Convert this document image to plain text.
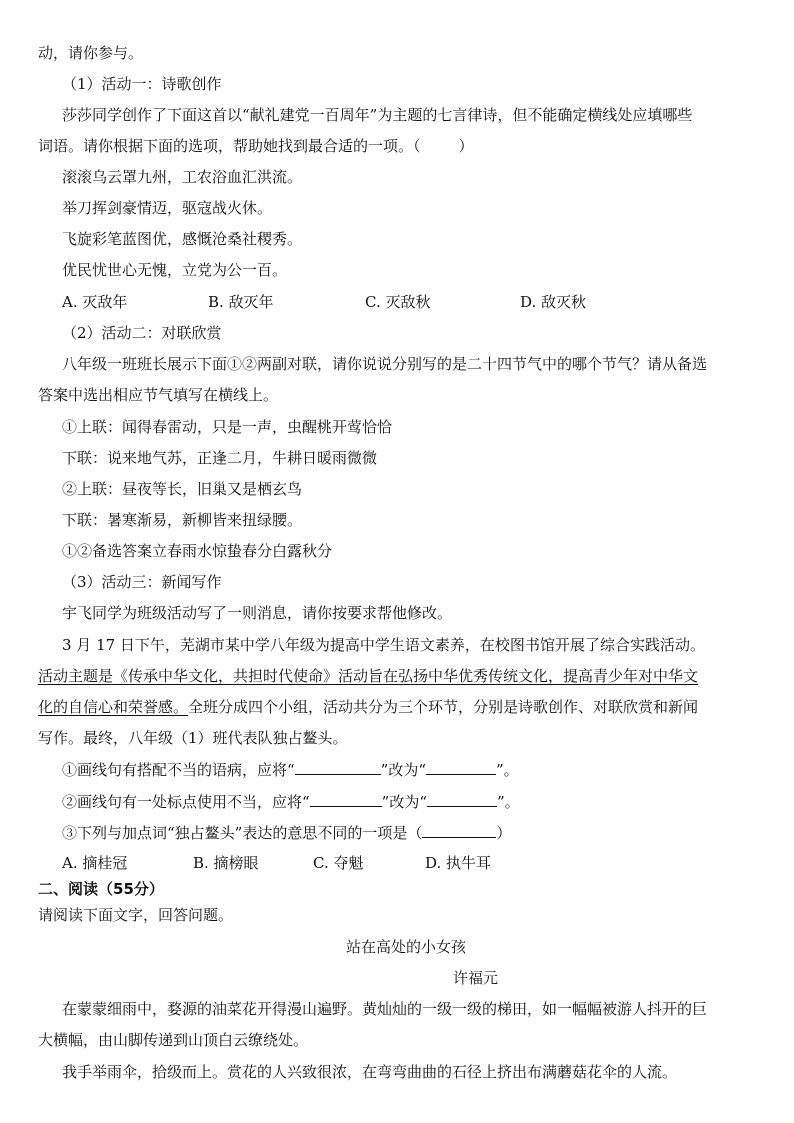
动，请你参与。
（1）活动一：诗歌创作
莎莎同学创作了下面这首以“献礼建党一百周年”为主题的七言律诗，但不能确定横线处应填哪些
词语。请你根据下面的选项，帮助她找到最合适的一项。（	）
滚滚乌云罩九州，工农浴血汇洪流。
举刀挥剑豪情迈，驱寇战火休。
飞旋彩笔蓝图优，感慨沧桑社稷秀。
优民忧世心无愧，立党为公一百。
A. 灭敌年	B. 敌灭年	C. 灭敌秋	D. 敌灭秋
（2）活动二：对联欣赏
八年级一班班长展示下面①②两副对联，请你说说分别写的是二十四节气中的哪个节气？请从备选
答案中选出相应节气填写在横线上。
①上联：闻得春雷动，只是一声，虫醒桃开莺恰恰
下联：说来地气苏，正逢二月，牛耕日暖雨微微
②上联：昼夜等长，旧巢又是栖玄鸟
下联：暑寒渐易，新柳皆来扭绿腰。
①②备选答案立春雨水惊蛰春分白露秋分
（3）活动三：新闻写作
宇飞同学为班级活动写了一则消息，请你按要求帮他修改。
3 月 17 日下午，芜湖市某中学八年级为提高中学生语文素养，在校图书馆开展了综合实践活动。
活动主题是《传承中华文化，共担时代使命》活动旨在弘扬中华优秀传统文化，提高青少年对中华文
化的自信心和荣誉感。全班分成四个小组，活动共分为三个环节，分别是诗歌创作、对联欣赏和新闻
写作。最终，八年级（1）班代表队独占鳌头。
①画线句有搭配不当的语病，应将“	”改为“	”。
②画线句有一处标点使用不当，应将“	”改为“	”。
③下列与加点词“独占鳌头”表达的意思不同的一项是（	）
A. 摘桂冠	B. 摘榜眼	C. 夺魁	D. 执牛耳
二、阅读（55分）
请阅读下面文字，回答问题。
站在高处的小女孩
许福元
在蒙蒙细雨中，婺源的油菜花开得漫山遍野。黄灿灿的一级一级的梯田，如一幅幅被游人抖开的巨
大横幅，由山脚传递到山顶白云缭绕处。
我手举雨伞，拾级而上。赏花的人兴致很浓，在弯弯曲曲的石径上挤出布满蘑菇花伞的人流。
